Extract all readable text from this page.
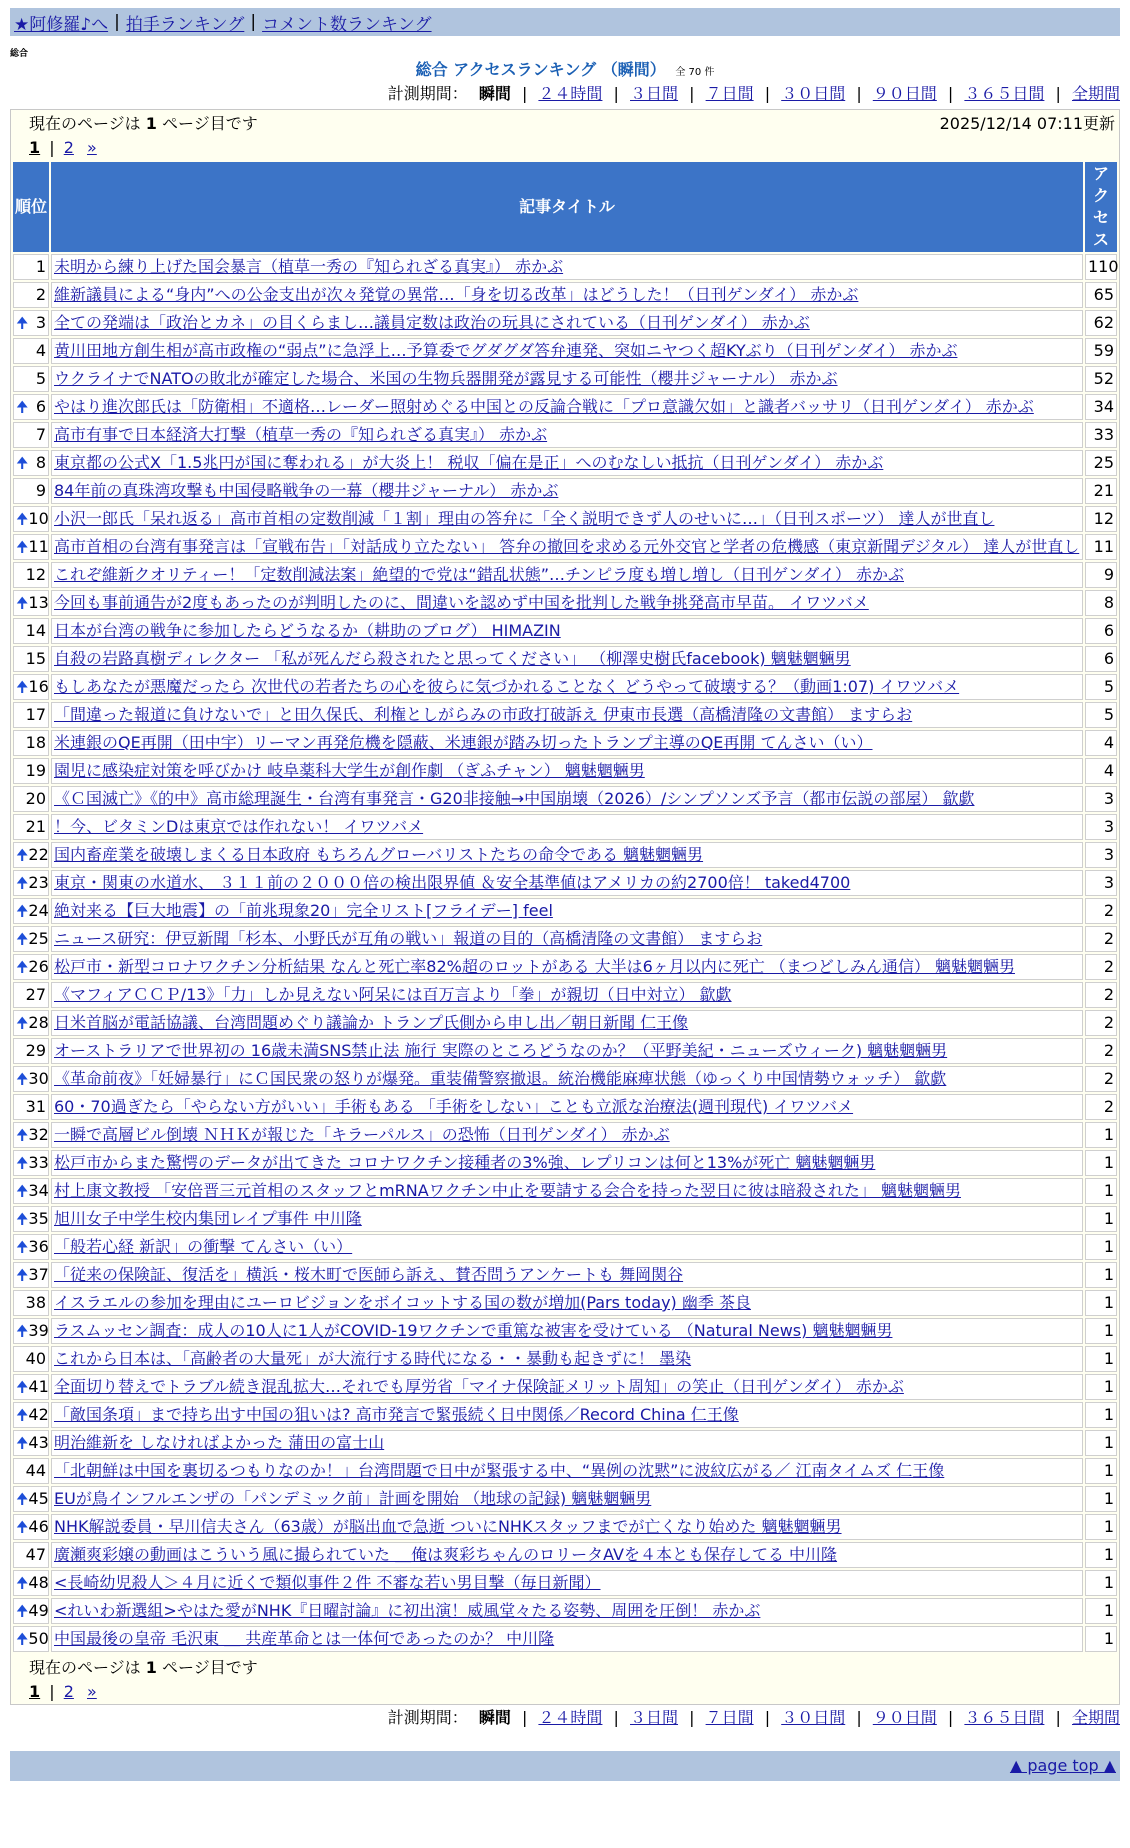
★阿修羅♪へ | 拍手ランキング | コメント数ランキング
総合
総合 アクセスランキング （瞬間） 全 70 件
計測期間： 瞬間 | ２４時間 | ３日間 | ７日間 | ３０日間 | ９０日間 | ３６５日間 | 全期間
現在のページは 1 ページ目です	2025/12/14 07:11更新
1 | 2 »
順位	記事タイトル	アクセス
1	未明から練り上げた国会暴言（植草一秀の『知られざる真実』） 赤かぶ	110
2	維新議員による“身内”への公金支出が次々発覚の異常…「身を切る改革」はどうした！（日刊ゲンダイ） 赤かぶ	65

🠉 3	全ての発端は「政治とカネ」の目くらまし…議員定数は政治の玩具にされている（日刊ゲンダイ） 赤かぶ	62
4	黄川田地方創生相が高市政権の“弱点”に急浮上…予算委でグダグダ答弁連発、突如ニヤつく超KYぶり（日刊ゲンダイ） 赤かぶ	59
5	ウクライナでNATOの敗北が確定した場合、米国の生物兵器開発が露見する可能性（櫻井ジャーナル） 赤かぶ	52

🠉 6	やはり進次郎氏は「防衛相」不適格…レーダー照射めぐる中国との反論合戦に「プロ意識欠如」と識者バッサリ（日刊ゲンダイ） 赤かぶ	34
7	高市有事で日本経済大打撃（植草一秀の『知られざる真実』） 赤かぶ	33

🠉 8	東京都の公式X「1.5兆円が国に奪われる」が大炎上！ 税収「偏在是正」へのむなしい抵抗（日刊ゲンダイ） 赤かぶ	25
9	84年前の真珠湾攻撃も中国侵略戦争の一幕（櫻井ジャーナル） 赤かぶ	21

🠉 10	小沢一郎氏「呆れ返る」高市首相の定数削減「１割」理由の答弁に「全く説明できず人のせいに…」（日刊スポーツ） 達人が世直し	12

🠉 11	高市首相の台湾有事発言は「宣戦布告」「対話成り立たない」 答弁の撤回を求める元外交官と学者の危機感（東京新聞デジタル） 達人が世直し	11
12	これぞ維新クオリティー！「定数削減法案」絶望的で党は“錯乱状態”…チンピラ度も増し増し（日刊ゲンダイ） 赤かぶ	9

🠉 13	今回も事前通告が2度もあったのが判明したのに、間違いを認めず中国を批判した戦争挑発高市早苗。 イワツバメ	8
14	日本が台湾の戦争に参加したらどうなるか（耕助のブログ） HIMAZIN	6
15	自殺の岩路真樹ディレクター 「私が死んだら殺されたと思ってください」 （柳澤史樹氏facebook) 魑魅魍魎男	6

🠉 16	もしあなたが悪魔だったら 次世代の若者たちの心を彼らに気づかれることなく どうやって破壊する？（動画1:07) イワツバメ	5
17	「間違った報道に負けないで」と田久保氏、利権としがらみの市政打破訴え 伊東市長選（高橋清隆の文書館） ますらお	5
18	米連銀のQE再開（田中宇）リーマン再発危機を隠蔽、米連銀が踏み切ったトランプ主導のQE再開 てんさい（い）	4
19	園児に感染症対策を呼びかけ 岐阜薬科大学生が創作劇 （ぎふチャン） 魑魅魍魎男	4
20	《Ｃ国滅亡》《的中》高市総理誕生・台湾有事発言・G20非接触→中国崩壊（2026）/シンプソンズ予言（都市伝説の部屋） 歙歔	3
21	！今、ビタミンDは東京では作れない！ イワツバメ	3

🠉 22	国内畜産業を破壊しまくる日本政府 もちろんグローバリストたちの命令である 魑魅魍魎男	3

🠉 23	東京・関東の水道水、 ３１１前の２０００倍の検出限界値 ＆安全基準値はアメリカの約2700倍！ taked4700	3

🠉 24	絶対来る【巨大地震】の「前兆現象20」完全リスト[フライデー] feel	2

🠉 25	ニュース研究：伊豆新聞「杉本、小野氏が互角の戦い」報道の目的（高橋清隆の文書館） ますらお	2

🠉 26	松戸市・新型コロナワクチン分析結果 なんと死亡率82%超のロットがある 大半は6ヶ月以内に死亡 （まつどしみん通信） 魑魅魍魎男	2
27	《マフィアＣＣＰ/13》「力」しか見えない阿呆には百万言より「拳」が親切（日中対立） 歙歔	2

🠉 28	日米首脳が電話協議、台湾問題めぐり議論か トランプ氏側から申し出／朝日新聞 仁王像	2
29	オーストラリアで世界初の 16歳未満SNS禁止法 施行 実際のところどうなのか？（平野美紀・ニューズウィーク) 魑魅魍魎男	2

🠉 30	《革命前夜》「妊婦暴行」にＣ国民衆の怒りが爆発。重装備警察撤退。統治機能麻痺状態（ゆっくり中国情勢ウォッチ） 歙歔	2
31	60・70過ぎたら「やらない方がいい」手術もある 「手術をしない」ことも立派な治療法(週刊現代) イワツバメ	2

🠉 32	一瞬で高層ビル倒壊 ＮＨＫが報じた「キラーパルス」の恐怖（日刊ゲンダイ） 赤かぶ	1

🠉 33	松戸市からまた驚愕のデータが出てきた コロナワクチン接種者の3%強、レプリコンは何と13%が死亡 魑魅魍魎男	1

🠉 34	村上康文教授 「安倍晋三元首相のスタッフとmRNAワクチン中止を要請する会合を持った翌日に彼は暗殺された」 魑魅魍魎男	1

🠉 35	旭川女子中学生校内集団レイプ事件 中川隆	1

🠉 36	「般若心経 新訳」の衝撃 てんさい（い）	1

🠉 37	「従来の保険証、復活を」横浜・桜木町で医師ら訴え、賛否問うアンケートも 舞岡関谷	1
38	イスラエルの参加を理由にユーロビジョンをボイコットする国の数が増加(Pars today) 幽季 茶良	1

🠉 39	ラスムッセン調査：成人の10人に1人がCOVID-19ワクチンで重篤な被害を受けている （Natural News) 魑魅魍魎男	1
40	これから日本は、「高齢者の大量死」が大流行する時代になる・・暴動も起きずに！ 墨染	1

🠉 41	全面切り替えでトラブル続き混乱拡大…それでも厚労省「マイナ保険証メリット周知」の笑止（日刊ゲンダイ） 赤かぶ	1

🠉 42	「敵国条項」まで持ち出す中国の狙いは? 高市発言で緊張続く日中関係／Record China 仁王像	1

🠉 43	明治維新を しなければよかった 蒲田の富士山	1
44	「北朝鮮は中国を裏切るつもりなのか！」台湾問題で日中が緊張する中、“異例の沈黙”に波紋広がる／ 江南タイムズ 仁王像	1

🠉 45	EUが鳥インフルエンザの「パンデミック前」計画を開始 （地球の記録) 魑魅魍魎男	1

🠉 46	NHK解説委員・早川信夫さん（63歳）が脳出血で急逝 ついにNHKスタッフまでが亡くなり始めた 魑魅魍魎男	1
47	廣瀬爽彩嬢の動画はこういう風に撮られていた ＿俺は爽彩ちゃんのロリータAVを４本とも保存してる 中川隆	1

🠉 48	<長崎幼児殺人＞４月に近くで類似事件２件 不審な若い男目撃（毎日新聞）	1

🠉 49	<れいわ新選組>やはた愛がNHK『日曜討論』に初出演！威風堂々たる姿勢、周囲を圧倒！ 赤かぶ	1

🠉 50	中国最後の皇帝 毛沢東 ＿ 共産革命とは一体何であったのか？ 中川隆	1
現在のページは 1 ページ目です
1 | 2 »
計測期間： 瞬間 | ２４時間 | ３日間 | ７日間 | ３０日間 | ９０日間 | ３６５日間 | 全期間
▲ page top ▲
